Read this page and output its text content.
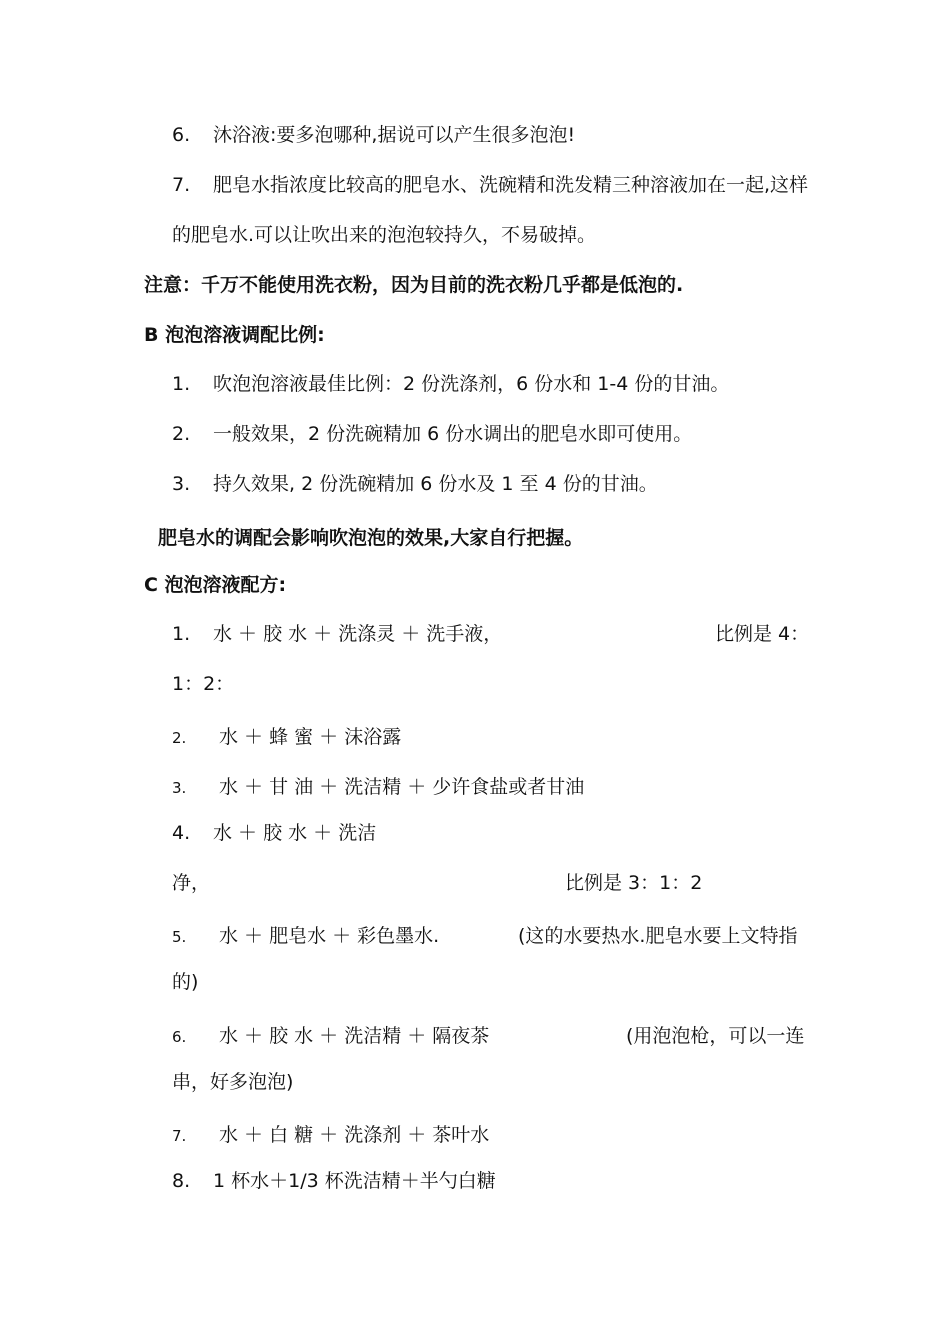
6. 沐浴液:要多泡哪种,据说可以产生很多泡泡!
7. 肥皂水指浓度比较高的肥皂水、洗碗精和洗发精三种溶液加在一起,这样
的肥皂水.可以让吹出来的泡泡较持久，不易破掉。
注意：千万不能使用洗衣粉，因为目前的洗衣粉几乎都是低泡的.
B 泡泡溶液调配比例:
1. 吹泡泡溶液最佳比例：2 份洗涤剂，6 份水和 1-4 份的甘油。
2. 一般效果，2 份洗碗精加 6 份水调出的肥皂水即可使用。
3. 持久效果, 2 份洗碗精加 6 份水及 1 至 4 份的甘油。
肥皂水的调配会影响吹泡泡的效果,大家自行把握。
C 泡泡溶液配方:
1. 水 ＋ 胶 水 ＋ 洗涤灵 ＋ 洗手液，	比例是 4：
1：2：
2. 水 ＋ 蜂 蜜 ＋ 沫浴露
3. 水 ＋ 甘 油 ＋ 洗洁精 ＋ 少许食盐或者甘油
4. 水 ＋ 胶 水 ＋ 洗洁
净，	比例是 3：1：2
5. 水 ＋ 肥皂水 ＋ 彩色墨水.	(这的水要热水.肥皂水要上文特指
的)
6. 水 ＋ 胶 水 ＋ 洗洁精 ＋ 隔夜茶	(用泡泡枪，可以一连
串，好多泡泡)
7. 水 ＋ 白 糖 ＋ 洗涤剂 ＋ 茶叶水
8. 1 杯水＋1/3 杯洗洁精＋半勺白糖
